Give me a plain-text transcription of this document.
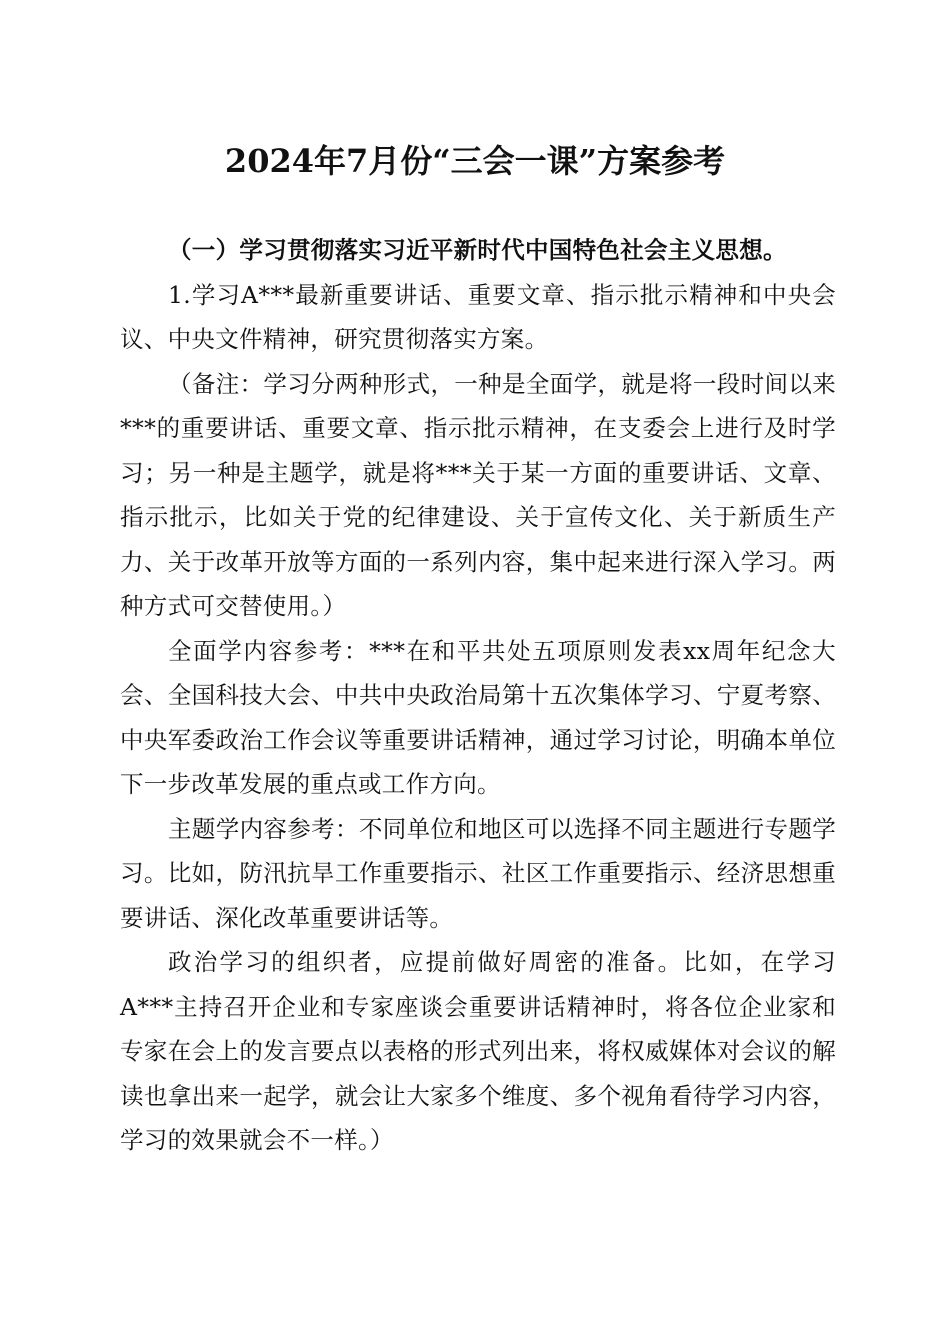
2024年7月份“三会一课”方案参考

（一）学习贯彻落实习近平新时代中国特色社会主义思想。

1.学习A***最新重要讲话、重要文章、指示批示精神和中央会议、中央文件精神，研究贯彻落实方案。

（备注：学习分两种形式，一种是全面学，就是将一段时间以来***的重要讲话、重要文章、指示批示精神，在支委会上进行及时学习；另一种是主题学，就是将***关于某一方面的重要讲话、文章、指示批示，比如关于党的纪律建设、关于宣传文化、关于新质生产力、关于改革开放等方面的一系列内容，集中起来进行深入学习。两种方式可交替使用。）

全面学内容参考：***在和平共处五项原则发表xx周年纪念大会、全国科技大会、中共中央政治局第十五次集体学习、宁夏考察、中央军委政治工作会议等重要讲话精神，通过学习讨论，明确本单位下一步改革发展的重点或工作方向。

主题学内容参考：不同单位和地区可以选择不同主题进行专题学习。比如，防汛抗旱工作重要指示、社区工作重要指示、经济思想重要讲话、深化改革重要讲话等。

政治学习的组织者，应提前做好周密的准备。比如，在学习A***主持召开企业和专家座谈会重要讲话精神时，将各位企业家和专家在会上的发言要点以表格的形式列出来，将权威媒体对会议的解读也拿出来一起学，就会让大家多个维度、多个视角看待学习内容，学习的效果就会不一样。）
